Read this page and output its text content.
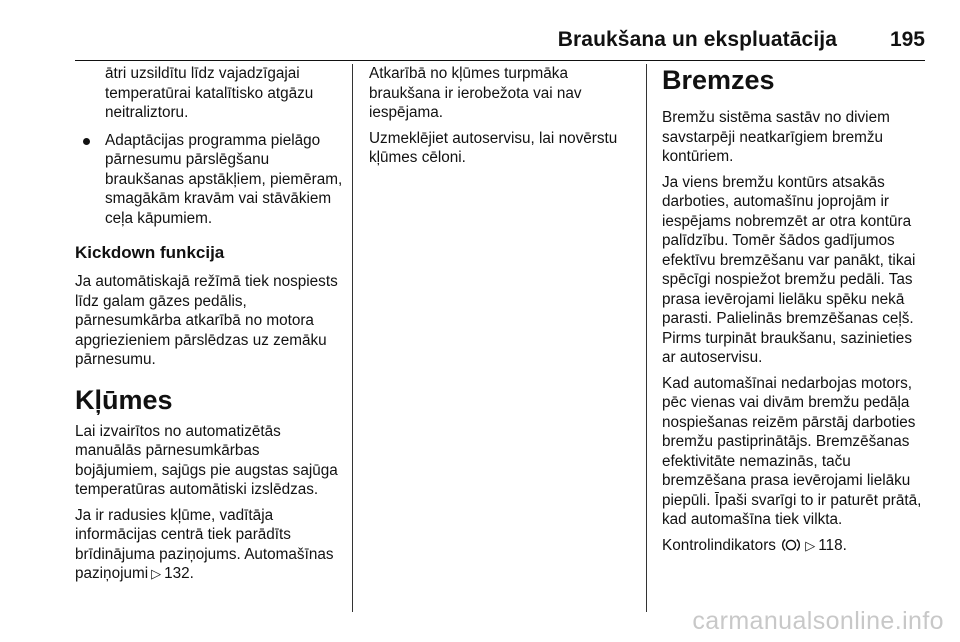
Braukšana un ekspluatācija	195

ātri uzsildītu līdz vajadzīgajai temperatūrai katalītisko atgāzu neitraliztoru.

Adaptācijas programma pielāgo pārnesumu pārslēgšanu braukšanas apstākļiem, piemēram, smagākām kravām vai stāvākiem ceļa kāpumiem.
Kickdown funkcija

Ja automātiskajā režīmā tiek nospiests līdz galam gāzes pedālis, pārnesumkārba atkarībā no motora apgriezieniem pārslēdzas uz zemāku pārnesumu.

Kļūmes

Lai izvairītos no automatizētās manuālās pārnesumkārbas bojājumiem, sajūgs pie augstas sajūga temperatūras automātiski izslēdzas.

Ja ir radusies kļūme, vadītāja informācijas centrā tiek parādīts brīdinājuma paziņojums. Automašīnas paziņojumi ▷ 132.

Atkarībā no kļūmes turpmāka braukšana ir ierobežota vai nav iespējama.

Uzmeklējiet autoservisu, lai novērstu kļūmes cēloni.

Bremzes

Bremžu sistēma sastāv no diviem savstarpēji neatkarīgiem bremžu kontūriem.

Ja viens bremžu kontūrs atsakās darboties, automašīnu joprojām ir iespējams nobremzēt ar otra kontūra palīdzību. Tomēr šādos gadījumos efektīvu bremzēšanu var panākt, tikai spēcīgi nospiežot bremžu pedāli. Tas prasa ievērojami lielāku spēku nekā parasti. Palielinās bremzēšanas ceļš. Pirms turpināt braukšanu, sazinieties ar autoservisu.

Kad automašīnai nedarbojas motors, pēc vienas vai divām bremžu pedāļa nospiešanas reizēm pārstāj darboties bremžu pastiprinātājs. Bremzēšanas efektivitāte nemazinās, taču bremzēšana prasa ievērojami lielāku piepūli. Īpaši svarīgi to ir paturēt prātā, kad automašīna tiek vilkta.

Kontrolindikators ▷ 118.

carmanualsonline.info
